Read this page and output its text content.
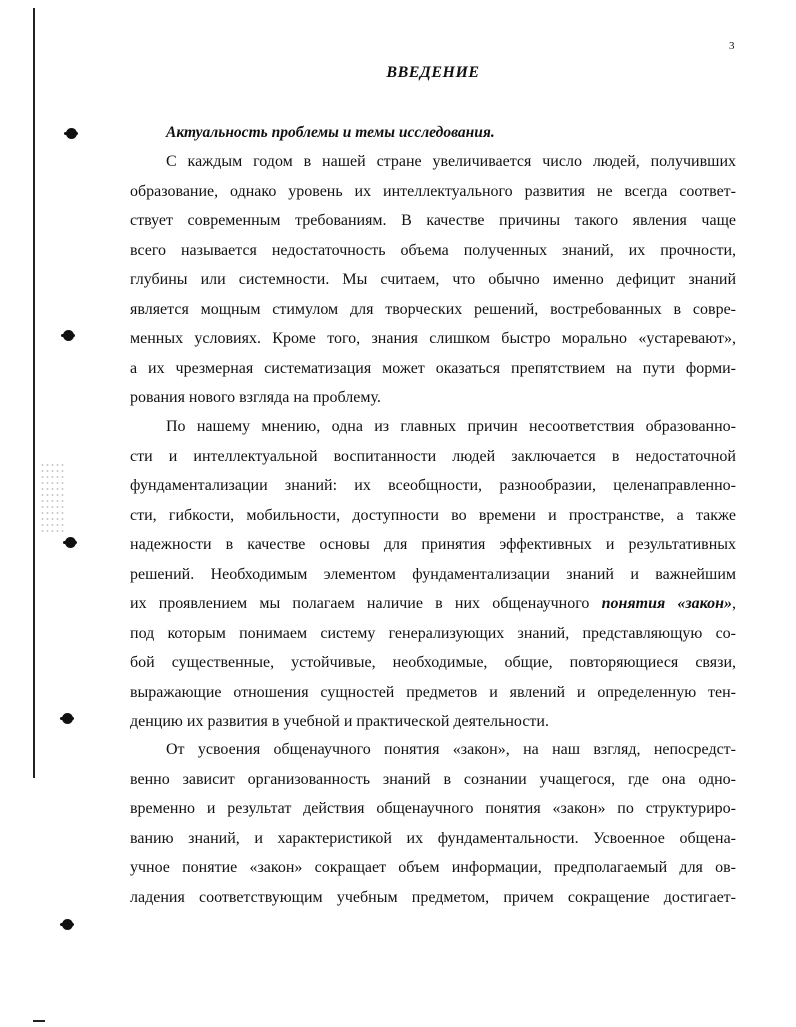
3
ВВЕДЕНИЕ
Актуальность проблемы и темы исследования.
С каждым годом в нашей стране увеличивается число людей, получивших
образование, однако уровень их интеллектуального развития не всегда соответ-
ствует современным требованиям. В качестве причины такого явления чаще
всего называется недостаточность объема полученных знаний, их прочности,
глубины или системности. Мы считаем, что обычно именно дефицит знаний
является мощным стимулом для творческих решений, востребованных в совре-
менных условиях. Кроме того, знания слишком быстро морально «устаревают»,
а их чрезмерная систематизация может оказаться препятствием на пути форми-
рования нового взгляда на проблему.
По нашему мнению, одна из главных причин несоответствия образованно-
сти и интеллектуальной воспитанности людей заключается в недостаточной
фундаментализации знаний: их всеобщности, разнообразии, целенаправленно-
сти, гибкости, мобильности, доступности во времени и пространстве, а также
надежности в качестве основы для принятия эффективных и результативных
решений. Необходимым элементом фундаментализации знаний и важнейшим
их проявлением мы полагаем наличие в них общенаучного понятия «закон»,
под которым понимаем систему генерализующих знаний, представляющую со-
бой существенные, устойчивые, необходимые, общие, повторяющиеся связи,
выражающие отношения сущностей предметов и явлений и определенную тен-
денцию их развития в учебной и практической деятельности.
От усвоения общенаучного понятия «закон», на наш взгляд, непосредст-
венно зависит организованность знаний в сознании учащегося, где она одно-
временно и результат действия общенаучного понятия «закон» по структуриро-
ванию знаний, и характеристикой их фундаментальности. Усвоенное общена-
учное понятие «закон» сокращает объем информации, предполагаемый для ов-
ладения соответствующим учебным предметом, причем сокращение достигает-
